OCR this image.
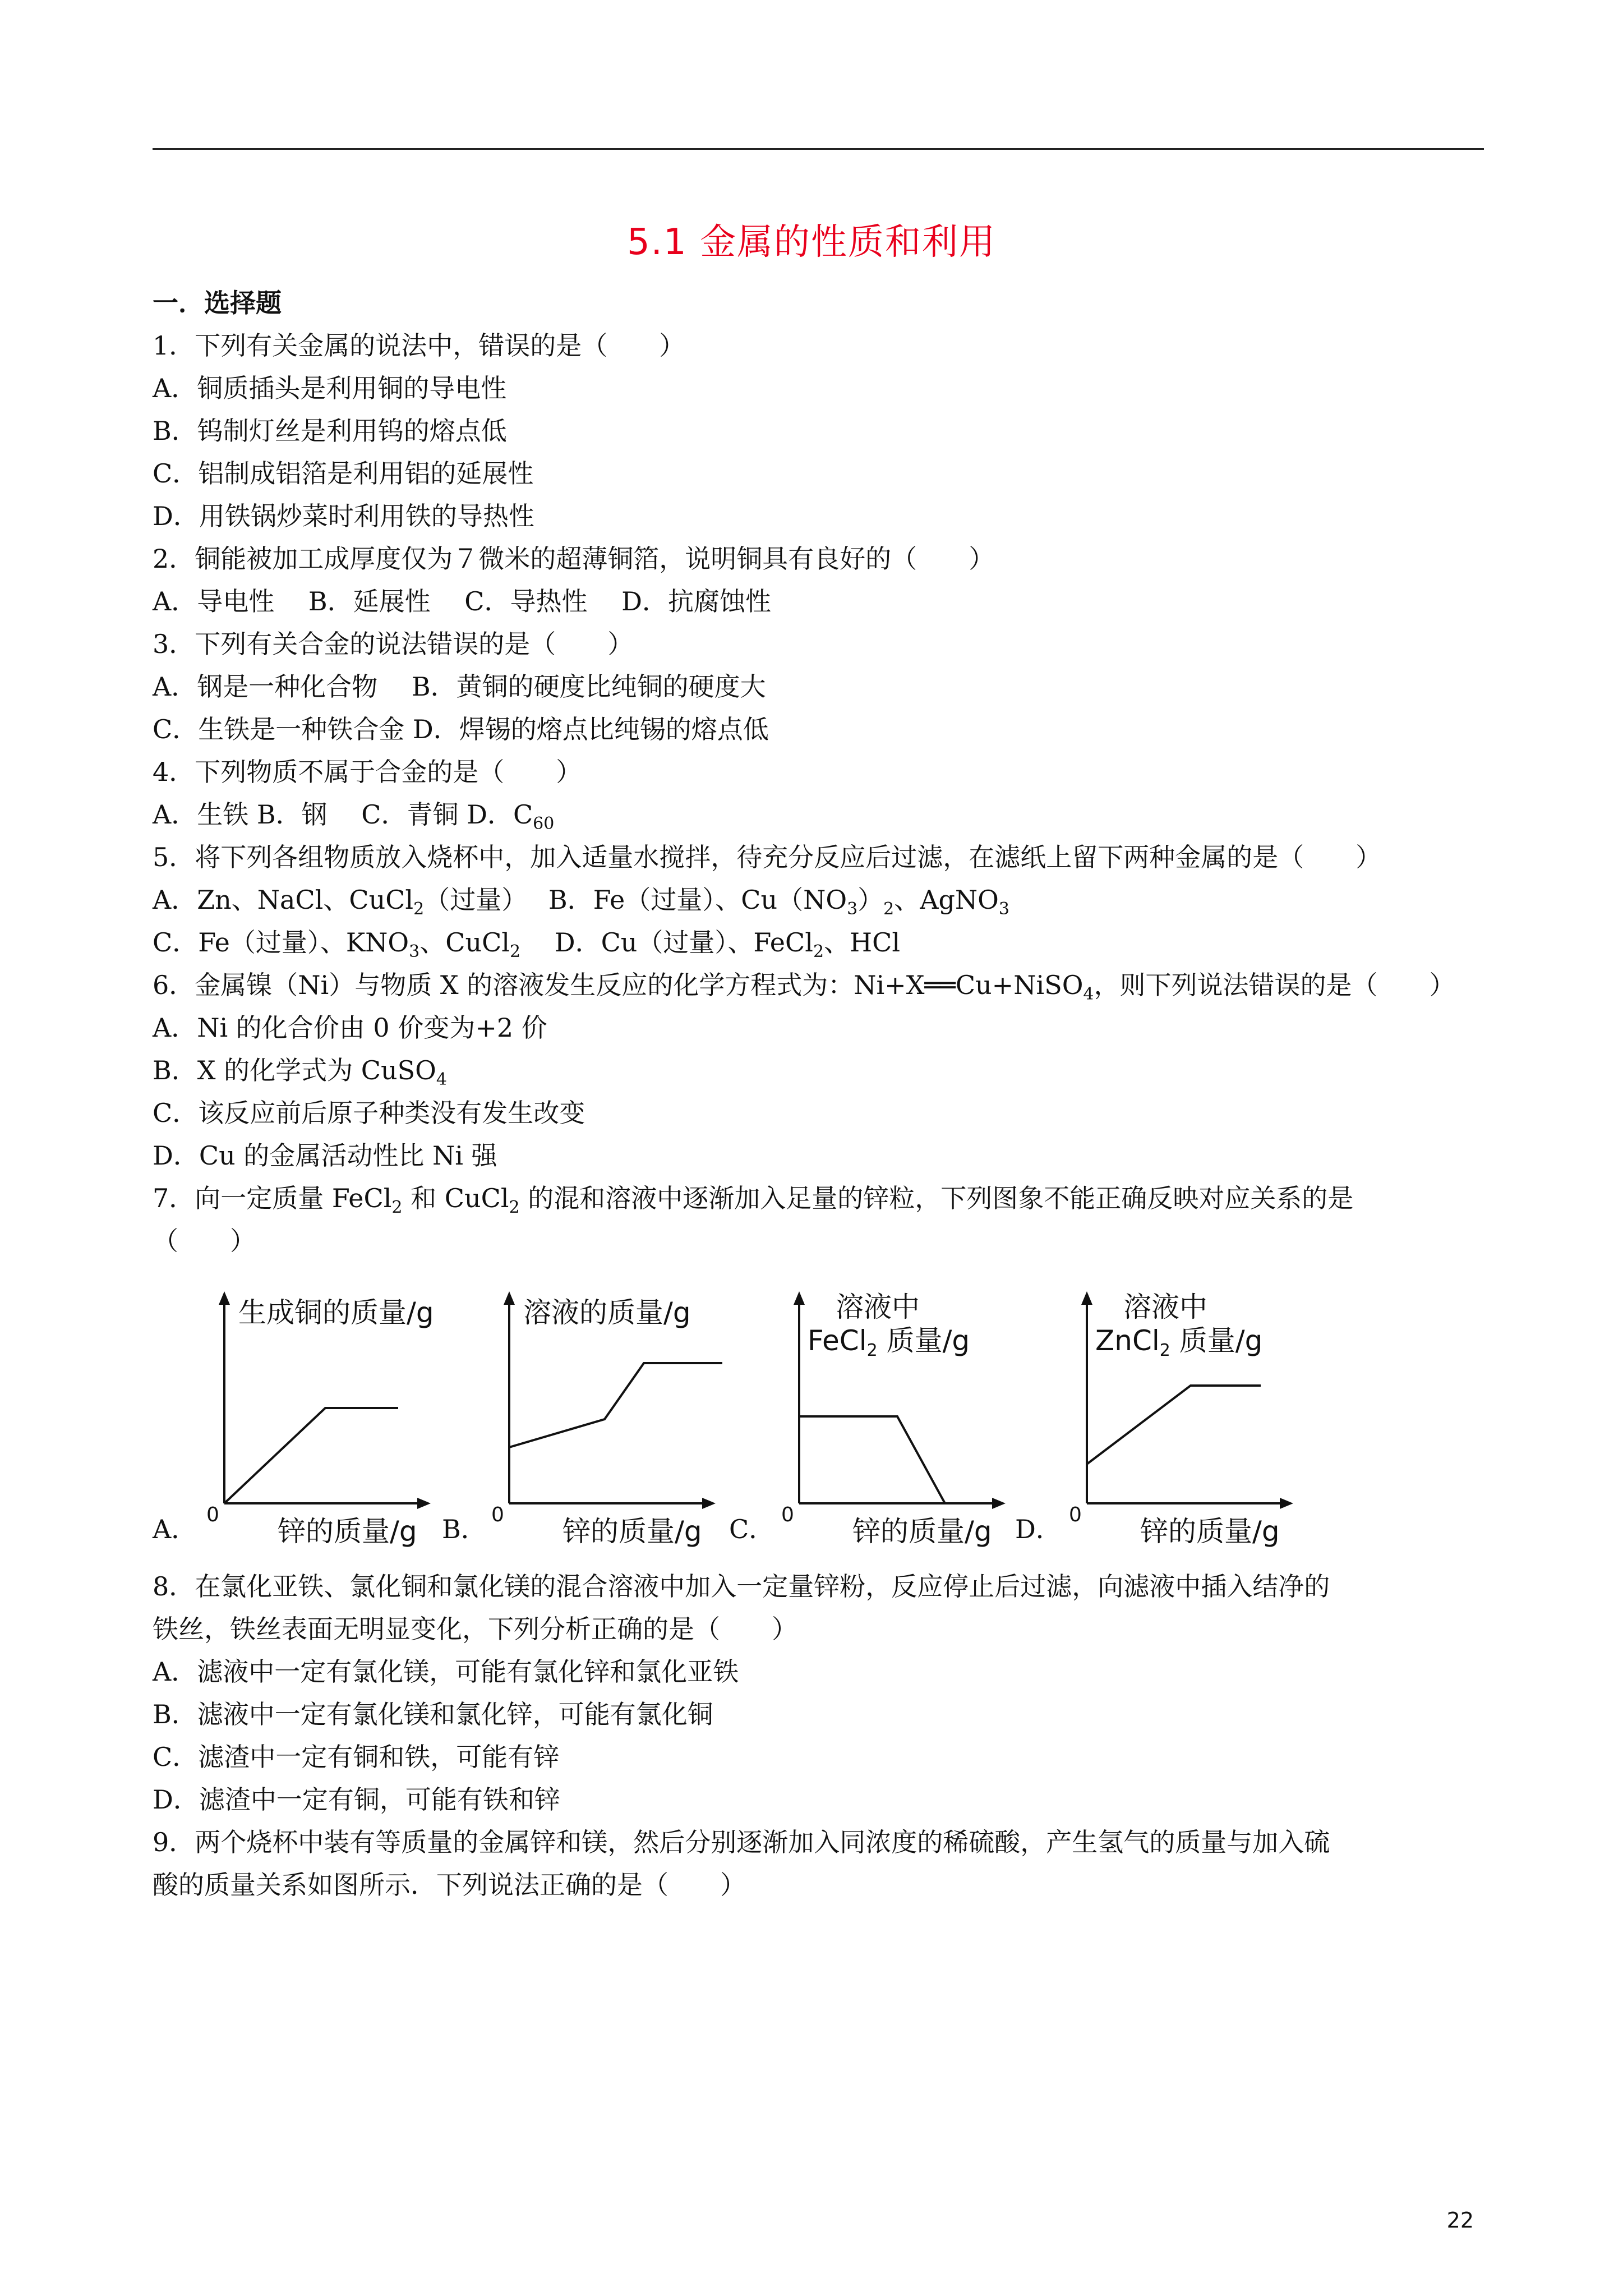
5.1 金属的性质和利用
一．选择题
1．下列有关金属的说法中，错误的是（　　）
A．铜质插头是利用铜的导电性
B．钨制灯丝是利用钨的熔点低
C．铝制成铝箔是利用铝的延展性
D．用铁锅炒菜时利用铁的导热性
2．铜能被加工成厚度仅为７微米的超薄铜箔，说明铜具有良好的（　　）
A．导电性　 B．延展性　 C．导热性　 D．抗腐蚀性
3．下列有关合金的说法错误的是（　　）
A．钢是一种化合物　 B．黄铜的硬度比纯铜的硬度大
C．生铁是一种铁合金 D．焊锡的熔点比纯锡的熔点低
4．下列物质不属于合金的是（　　）
A．生铁 B．钢　 C．青铜 D．$C_{60}$
5．将下列各组物质放入烧杯中，加入适量水搅拌，待充分反应后过滤，在滤纸上留下两种金属的是（　　）
A．Zn、NaCl、CuCl$_2$（过量）　 B．Fe（过量）、$Cu(NO_3)_2$、AgNO$_3$
C．Fe（过量）、$KNO_3$、CuCl$_2$　 D．Cu（过量）、FeCl$_2$、HCl
6．金属镍（Ni）与物质 X 的溶液发生反应的化学方程式为：Ni+X══Cu+NiSO$_4$，则下列说法错误的是（　　）
A．Ni 的化合价由 0 价变为+2 价
B．X 的化学式为 CuSO$_4$
C．该反应前后原子种类没有发生改变
D．Cu 的金属活动性比 Ni 强
7．向一定质量 FeCl$_2$ 和 CuCl$_2$ 的混和溶液中逐渐加入足量的锌粒，下列图象不能正确反映对应关系的是
（　　）
A．
生成铜的质量/g
锌的质量/g
0	B．
溶液的质量/g
锌的质量/g
0	C．
溶液中
FeCl$_2$ 质量/g
锌的质量/g
0	D．
溶液中
ZnCl$_2$ 质量/g
锌的质量/g
0
8．在氯化亚铁、氯化铜和氯化镁的混合溶液中加入一定量锌粉，反应停止后过滤，向滤液中插入结净的
铁丝，铁丝表面无明显变化，下列分析正确的是（　　）
A．滤液中一定有氯化镁，可能有氯化锌和氯化亚铁
B．滤液中一定有氯化镁和氯化锌，可能有氯化铜
C．滤渣中一定有铜和铁，可能有锌
D．滤渣中一定有铜，可能有铁和锌
9．两个烧杯中装有等质量的金属锌和镁，然后分别逐渐加入同浓度的稀硫酸，产生氢气的质量与加入硫
酸的质量关系如图所示．下列说法正确的是（　　）
22
